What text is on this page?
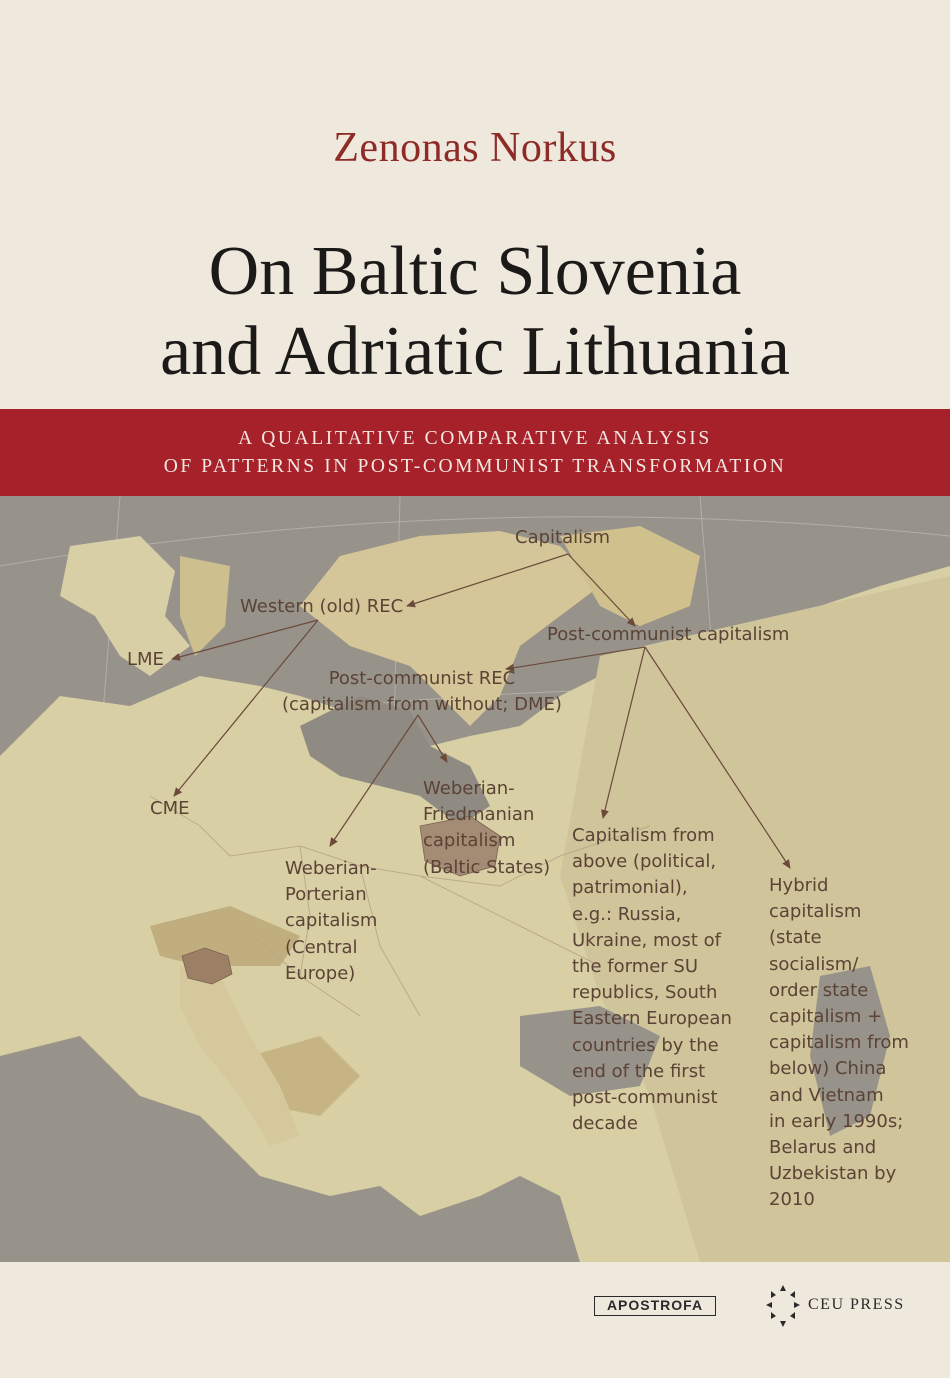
Zenonas Norkus
On Baltic Slovenia
and Adriatic Lithuania
A QUALITATIVE COMPARATIVE ANALYSIS
OF PATTERNS IN POST-COMMUNIST TRANSFORMATION
Capitalism
Western (old) REC
LME
CME
Post-communist capitalism
Post-communist REC
(capitalism from without; DME)
Weberian-
Friedmanian
capitalism
(Baltic States)
Weberian-
Porterian
capitalism
(Central
Europe)
Capitalism from
above (political,
patrimonial),
e.g.: Russia,
Ukraine, most of
the former SU
republics, South
Eastern European
countries by the
end of the first
post-communist
decade
Hybrid
capitalism
(state
socialism/
order state
capitalism +
capitalism from
below) China
and Vietnam
in early 1990s;
Belarus and
Uzbekistan by
2010
APOSTROFA	CEU PRESS
